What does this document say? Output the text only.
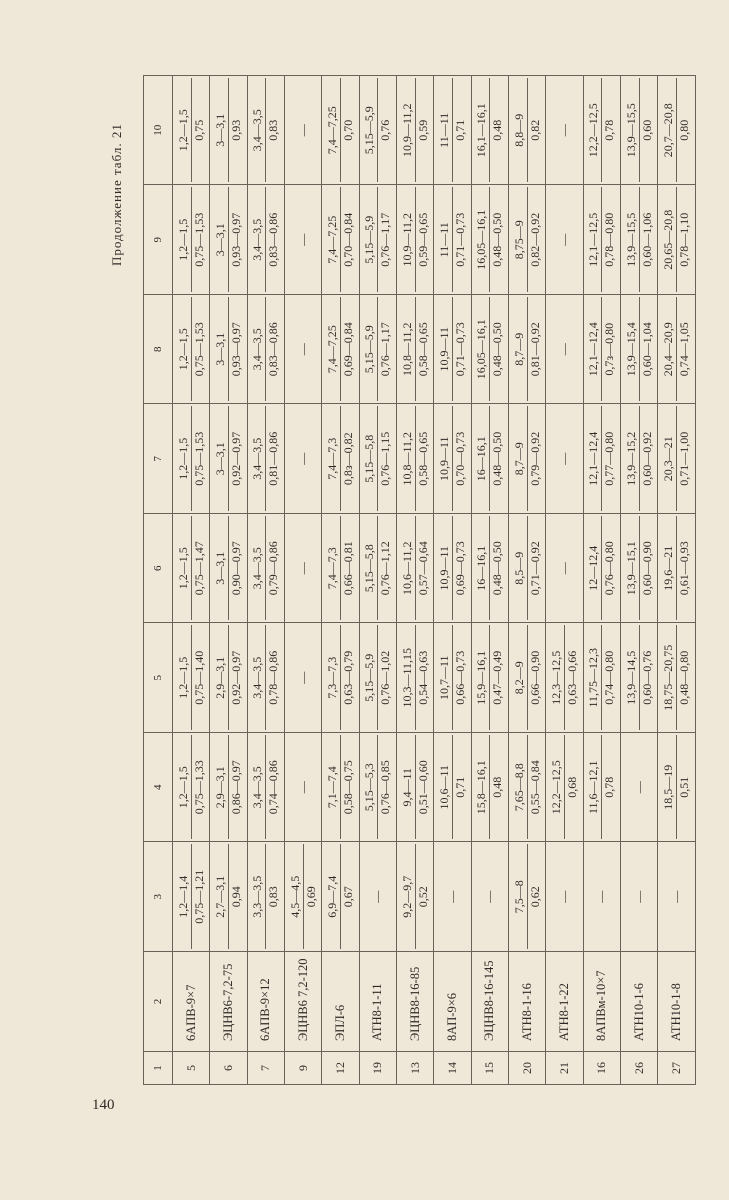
Продолжение табл. 21
1	2	3	4	5	6	7	8	9	10
5	6АПВ-9×7	1,2—1,4 0,75—1,21	1,2—1,5 0,75—1,33	1,2—1,5 0,75—1,40	1,2—1,5 0,75—1,47	1,2—1,5 0,75—1,53	1,2—1,5 0,75—1,53	1,2—1,5 0,75—1,53	1,2—1,5 0,75

6	ЭЦНВ6-7,2-75	2,7—3,1 0,94	2,9—3,1 0,86—0,97	2,9—3,1 0,92—0,97	3—3,1 0,90—0,97	3—3,1 0,92—0,97	3—3,1 0,93—0,97	3—3,1 0,93—0,97	3—3,1 0,93

7	6АПВ-9×12	3,3—3,5 0,83	3,4—3,5 0,74—0,86	3,4—3,5 0,78—0,86	3,4—3,5 0,79—0,86	3,4—3,5 0,81—0,86	3,4—3,5 0,83—0,86	3,4—3,5 0,83—0,86	3,4—3,5 0,83

9	ЭЦНВ6 7,2-120	4,5—4,5 0,69	—	—	—	—	—	—	—

12	ЭПЛ-6	6,9—7,4 0,67	7,1—7,4 0,58—0,75	7,3—7,3 0,63—0,79	7,4—7,3 0,66—0,81	7,4—7,3 0,8з—0,82	7,4—7,25 0,69—0,84	7,4—7,25 0,70—0,84	7,4—7,25 0,70

19	АТН8-1-11	—	5,15—5,3 0,76—0,85	5,15—5,9 0,76—1,02	5,15—5,8 0,76—1,12	5,15—5,8 0,76—1,15	5,15—5,9 0,76—1,17	5,15—5,9 0,76—1,17	5,15—5,9 0,76

13	ЭЦНВ8-16-85	9,2—9,7 0,52	9,4—11 0,51—0,60	10,3—11,15 0,54—0,63	10,6—11,2 0,57—0,64	10,8—11,2 0,58—0,65	10,8—11,2 0,58—0,65	10,9—11,2 0,59—0,65	10,9—11,2 0,59

14	8АП-9×6	—	10,6—11 0,71	10,7—11 0,66—0,73	10,9—11 0,69—0,73	10,9—11 0,70—0,73	10,9—11 0,71—0,73	11—11 0,71—0,73	11—11 0,71

15	ЭЦНВ8-16-145	—	15,8—16,1 0,48	15,9—16,1 0,47—0,49	16—16,1 0,48—0,50	16—16,1 0,48—0,50	16,05—16,1 0,48—0,50	16,05—16,1 0,48—0,50	16,1—16,1 0,48

20	АТН8-1-16	7,5—8 0,62	7,65—8,8 0,55—0,84	8,2—9 0,66—0,90	8,5—9 0,71—0,92	8,7—9 0,79—0,92	8,7—9 0,81—0,92	8,75—9 0,82—0,92	8,8—9 0,82

21	АТН8-1-22	—	12,2—12,5 0,68	12,3—12,5 0,63—0,66	—	—	—	—	—

16	8АПВм-10×7	—	11,6—12,1 0,78	11,75—12,3 0,74—0,80	12—12,4 0,76—0,80	12,1—12,4 0,77—0,80	12,1—12,4 0,7з—0,80	12,1—12,5 0,78—0,80	12,2—12,5 0,78

26	АТН10-1-6	—	—	13,9—14,5 0,60—0,76	13,9—15,1 0,60—0,90	13,9—15,2 0,60—0,92	13,9—15,4 0,60—1,04	13,9—15,5 0,60—1,06	13,9—15,5 0,60

27	АТН10-1-8	—	18,5—19 0,51	18,75—20,75 0,48—0,80	19,6—21 0,61—0,93	20,3—21 0,71—1,00	20,4—20,9 0,74—1,05	20,65—20,8 0,78—1,10	20,7—20,8 0,80
140
